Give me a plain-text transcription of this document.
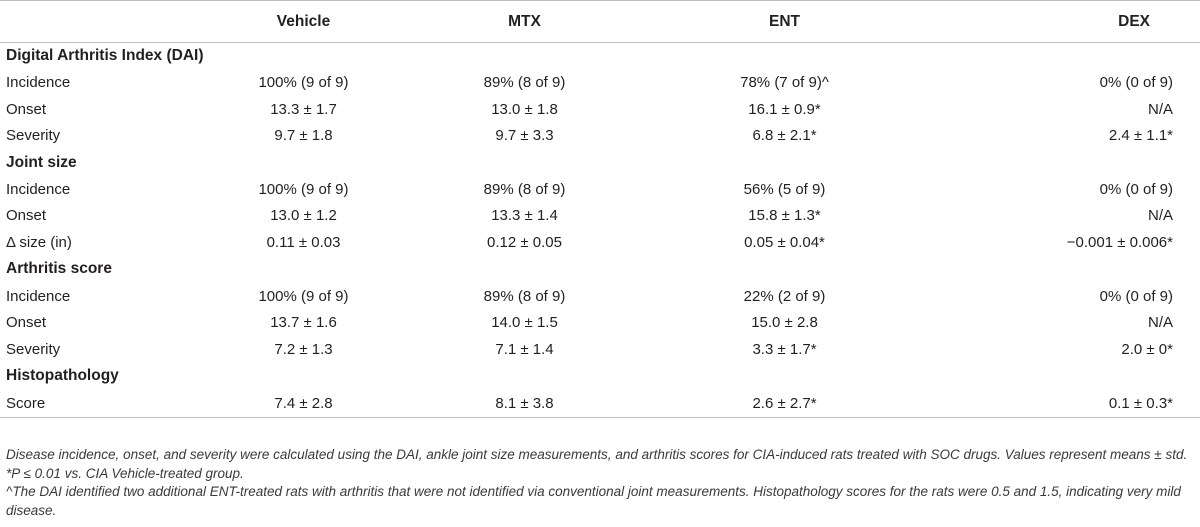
	Vehicle	MTX	ENT	DEX
Digital Arthritis Index (DAI)				
Incidence	100% (9 of 9)	89% (8 of 9)	78% (7 of 9)^	0% (0 of 9)
Onset	13.3 ± 1.7	13.0 ± 1.8	16.1 ± 0.9*	N/A
Severity	9.7 ± 1.8	9.7 ± 3.3	6.8 ± 2.1*	2.4 ± 1.1*
Joint size				
Incidence	100% (9 of 9)	89% (8 of 9)	56% (5 of 9)	0% (0 of 9)
Onset	13.0 ± 1.2	13.3 ± 1.4	15.8 ± 1.3*	N/A
Δ size (in)	0.11 ± 0.03	0.12 ± 0.05	0.05 ± 0.04*	−0.001 ± 0.006*
Arthritis score				
Incidence	100% (9 of 9)	89% (8 of 9)	22% (2 of 9)	0% (0 of 9)
Onset	13.7 ± 1.6	14.0 ± 1.5	15.0 ± 2.8	N/A
Severity	7.2 ± 1.3	7.1 ± 1.4	3.3 ± 1.7*	2.0 ± 0*
Histopathology				
Score	7.4 ± 2.8	8.1 ± 3.8	2.6 ± 2.7*	0.1 ± 0.3*

Disease incidence, onset, and severity were calculated using the DAI, ankle joint size measurements, and arthritis scores for CIA-induced rats treated with SOC drugs. Values represent means ± std. *P ≤ 0.01 vs. CIA Vehicle-treated group.

^The DAI identified two additional ENT-treated rats with arthritis that were not identified via conventional joint measurements. Histopathology scores for the rats were 0.5 and 1.5, indicating very mild disease.
